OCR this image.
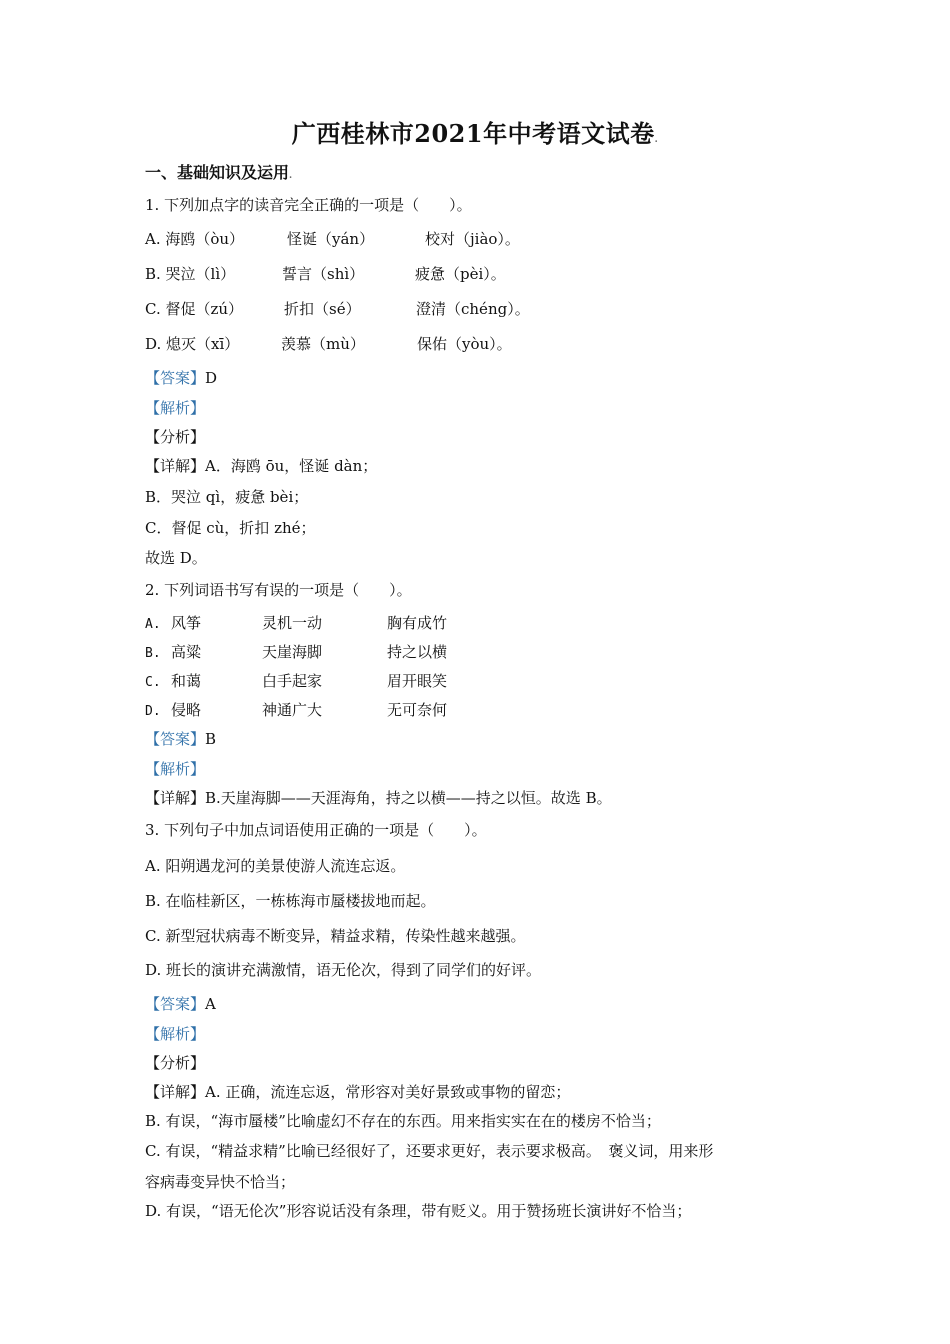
广西桂林市2021年中考语文试卷.
一、基础知识及运用.
1. 下列加点字的读音完全正确的一项是（　　）。
A. 海鸥（òu）	怪诞（yán）	校对（jiào）。
B. 哭泣（lì）	誓言（shì）	疲惫（pèi）。
C. 督促（zú）	折扣（sé）	澄清（chéng）。
D. 熄灭（xī）	羡慕（mù）	保佑（yòu）。
【答案】D
【解析】
【分析】
【详解】A．海鸥 ōu，怪诞 dàn；
B．哭泣 qì，疲惫 bèi；
C．督促 cù，折扣 zhé；
故选 D。
2. 下列词语书写有误的一项是（　　）。
A. 风筝	灵机一动	胸有成竹
B. 高粱	天崖海脚	持之以横
C. 和蔼	白手起家	眉开眼笑
D. 侵略	神通广大	无可奈何
【答案】B
【解析】
【详解】B.天崖海脚——天涯海角，持之以横——持之以恒。故选 B。
3. 下列句子中加点词语使用正确的一项是（　　）。
A. 阳朔遇龙河的美景使游人流连忘返。
B. 在临桂新区，一栋栋海市蜃楼拔地而起。
C. 新型冠状病毒不断变异，精益求精，传染性越来越强。
D. 班长的演讲充满激情，语无伦次，得到了同学们的好评。
【答案】A
【解析】
【分析】
【详解】A. 正确，流连忘返，常形容对美好景致或事物的留恋；
B. 有误，“海市蜃楼”比喻虚幻不存在的东西。用来指实实在在的楼房不恰当；
C. 有误，“精益求精”比喻已经很好了，还要求更好，表示要求极高。　褒义词，用来形
容病毒变异快不恰当；
D. 有误，“语无伦次”形容说话没有条理，带有贬义。用于赞扬班长演讲好不恰当；
